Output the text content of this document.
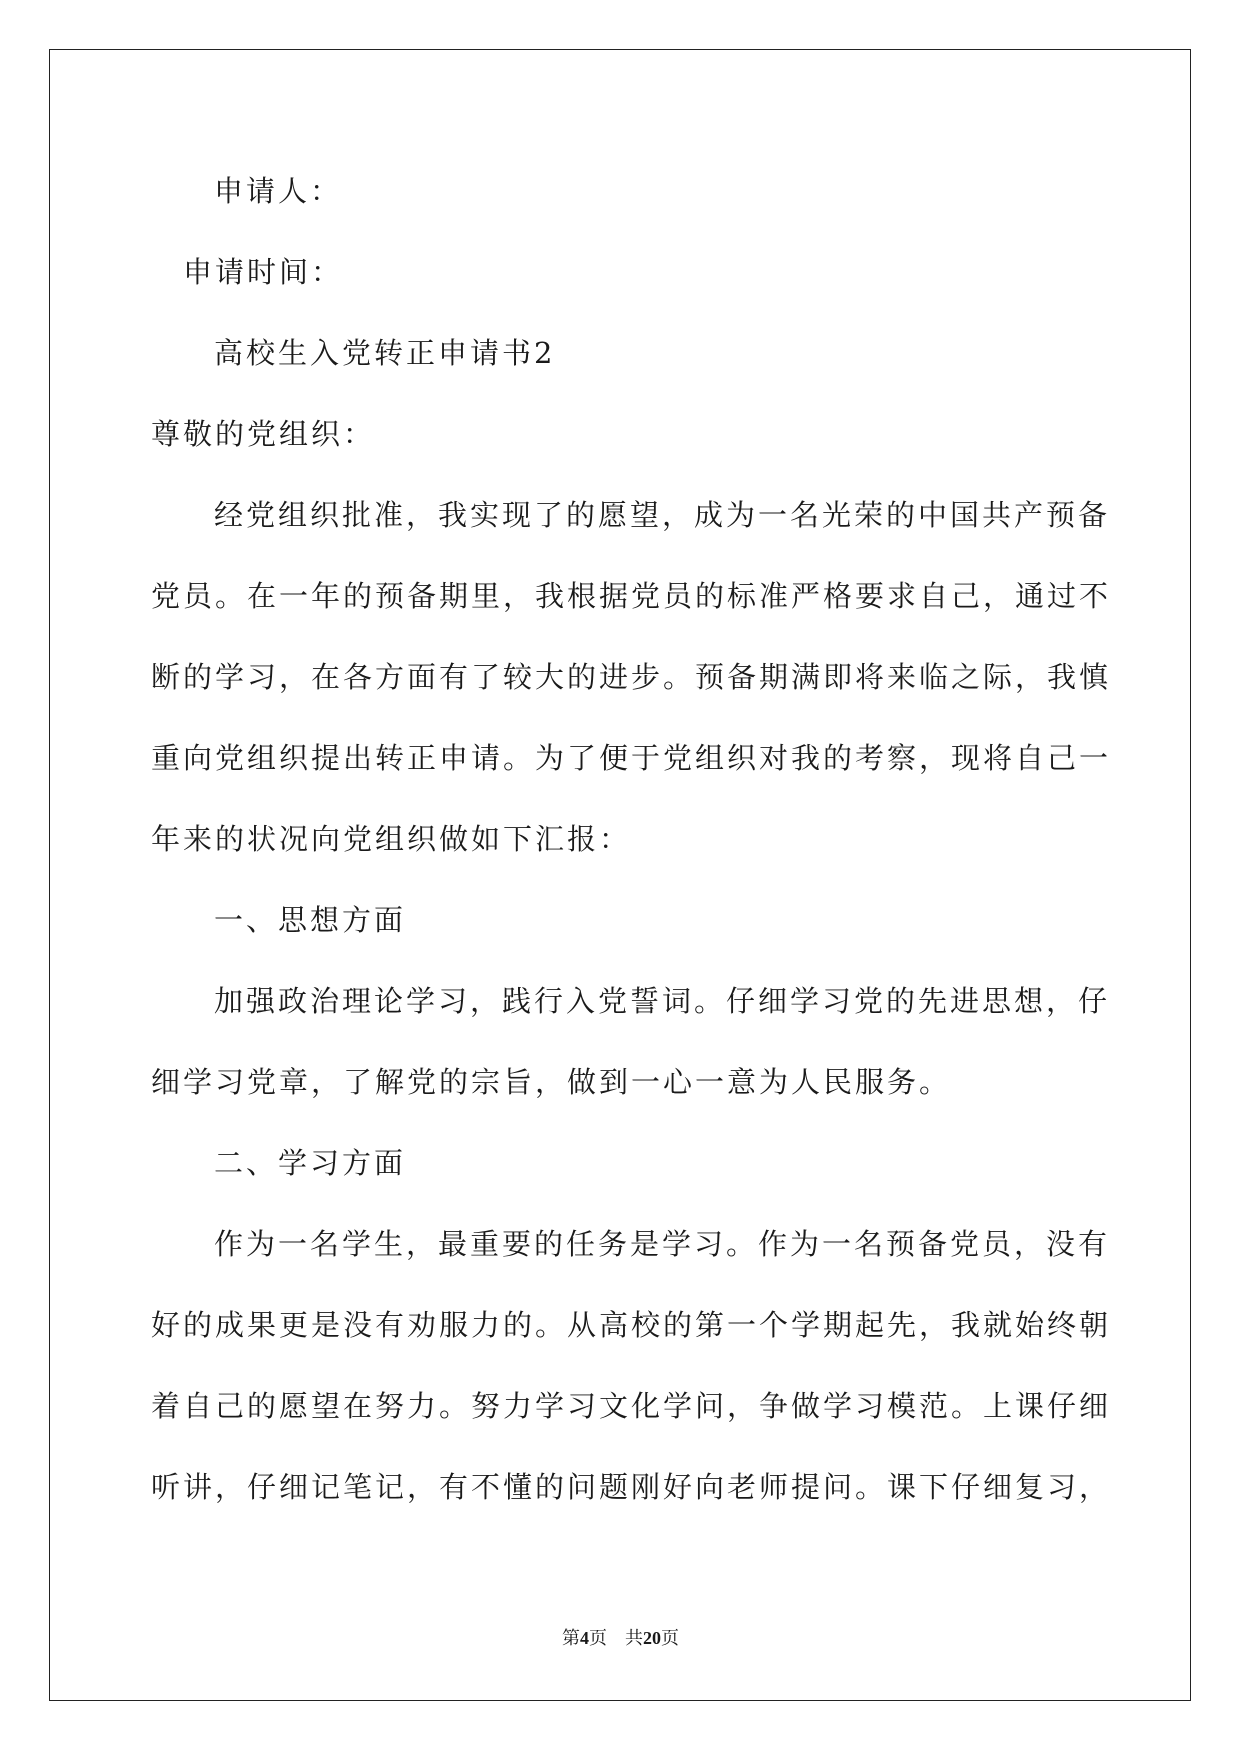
申请人：
申请时间：
高校生入党转正申请书2
尊敬的党组织：
经党组织批准，我实现了的愿望，成为一名光荣的中国共产预备
党员。在一年的预备期里，我根据党员的标准严格要求自己，通过不
断的学习，在各方面有了较大的进步。预备期满即将来临之际，我慎
重向党组织提出转正申请。为了便于党组织对我的考察，现将自己一
年来的状况向党组织做如下汇报：
一、思想方面
加强政治理论学习，践行入党誓词。仔细学习党的先进思想，仔
细学习党章，了解党的宗旨，做到一心一意为人民服务。
二、学习方面
作为一名学生，最重要的任务是学习。作为一名预备党员，没有
好的成果更是没有劝服力的。从高校的第一个学期起先，我就始终朝
着自己的愿望在努力。努力学习文化学问，争做学习模范。上课仔细
听讲，仔细记笔记，有不懂的问题刚好向老师提问。课下仔细复习，
第4页 共20页
